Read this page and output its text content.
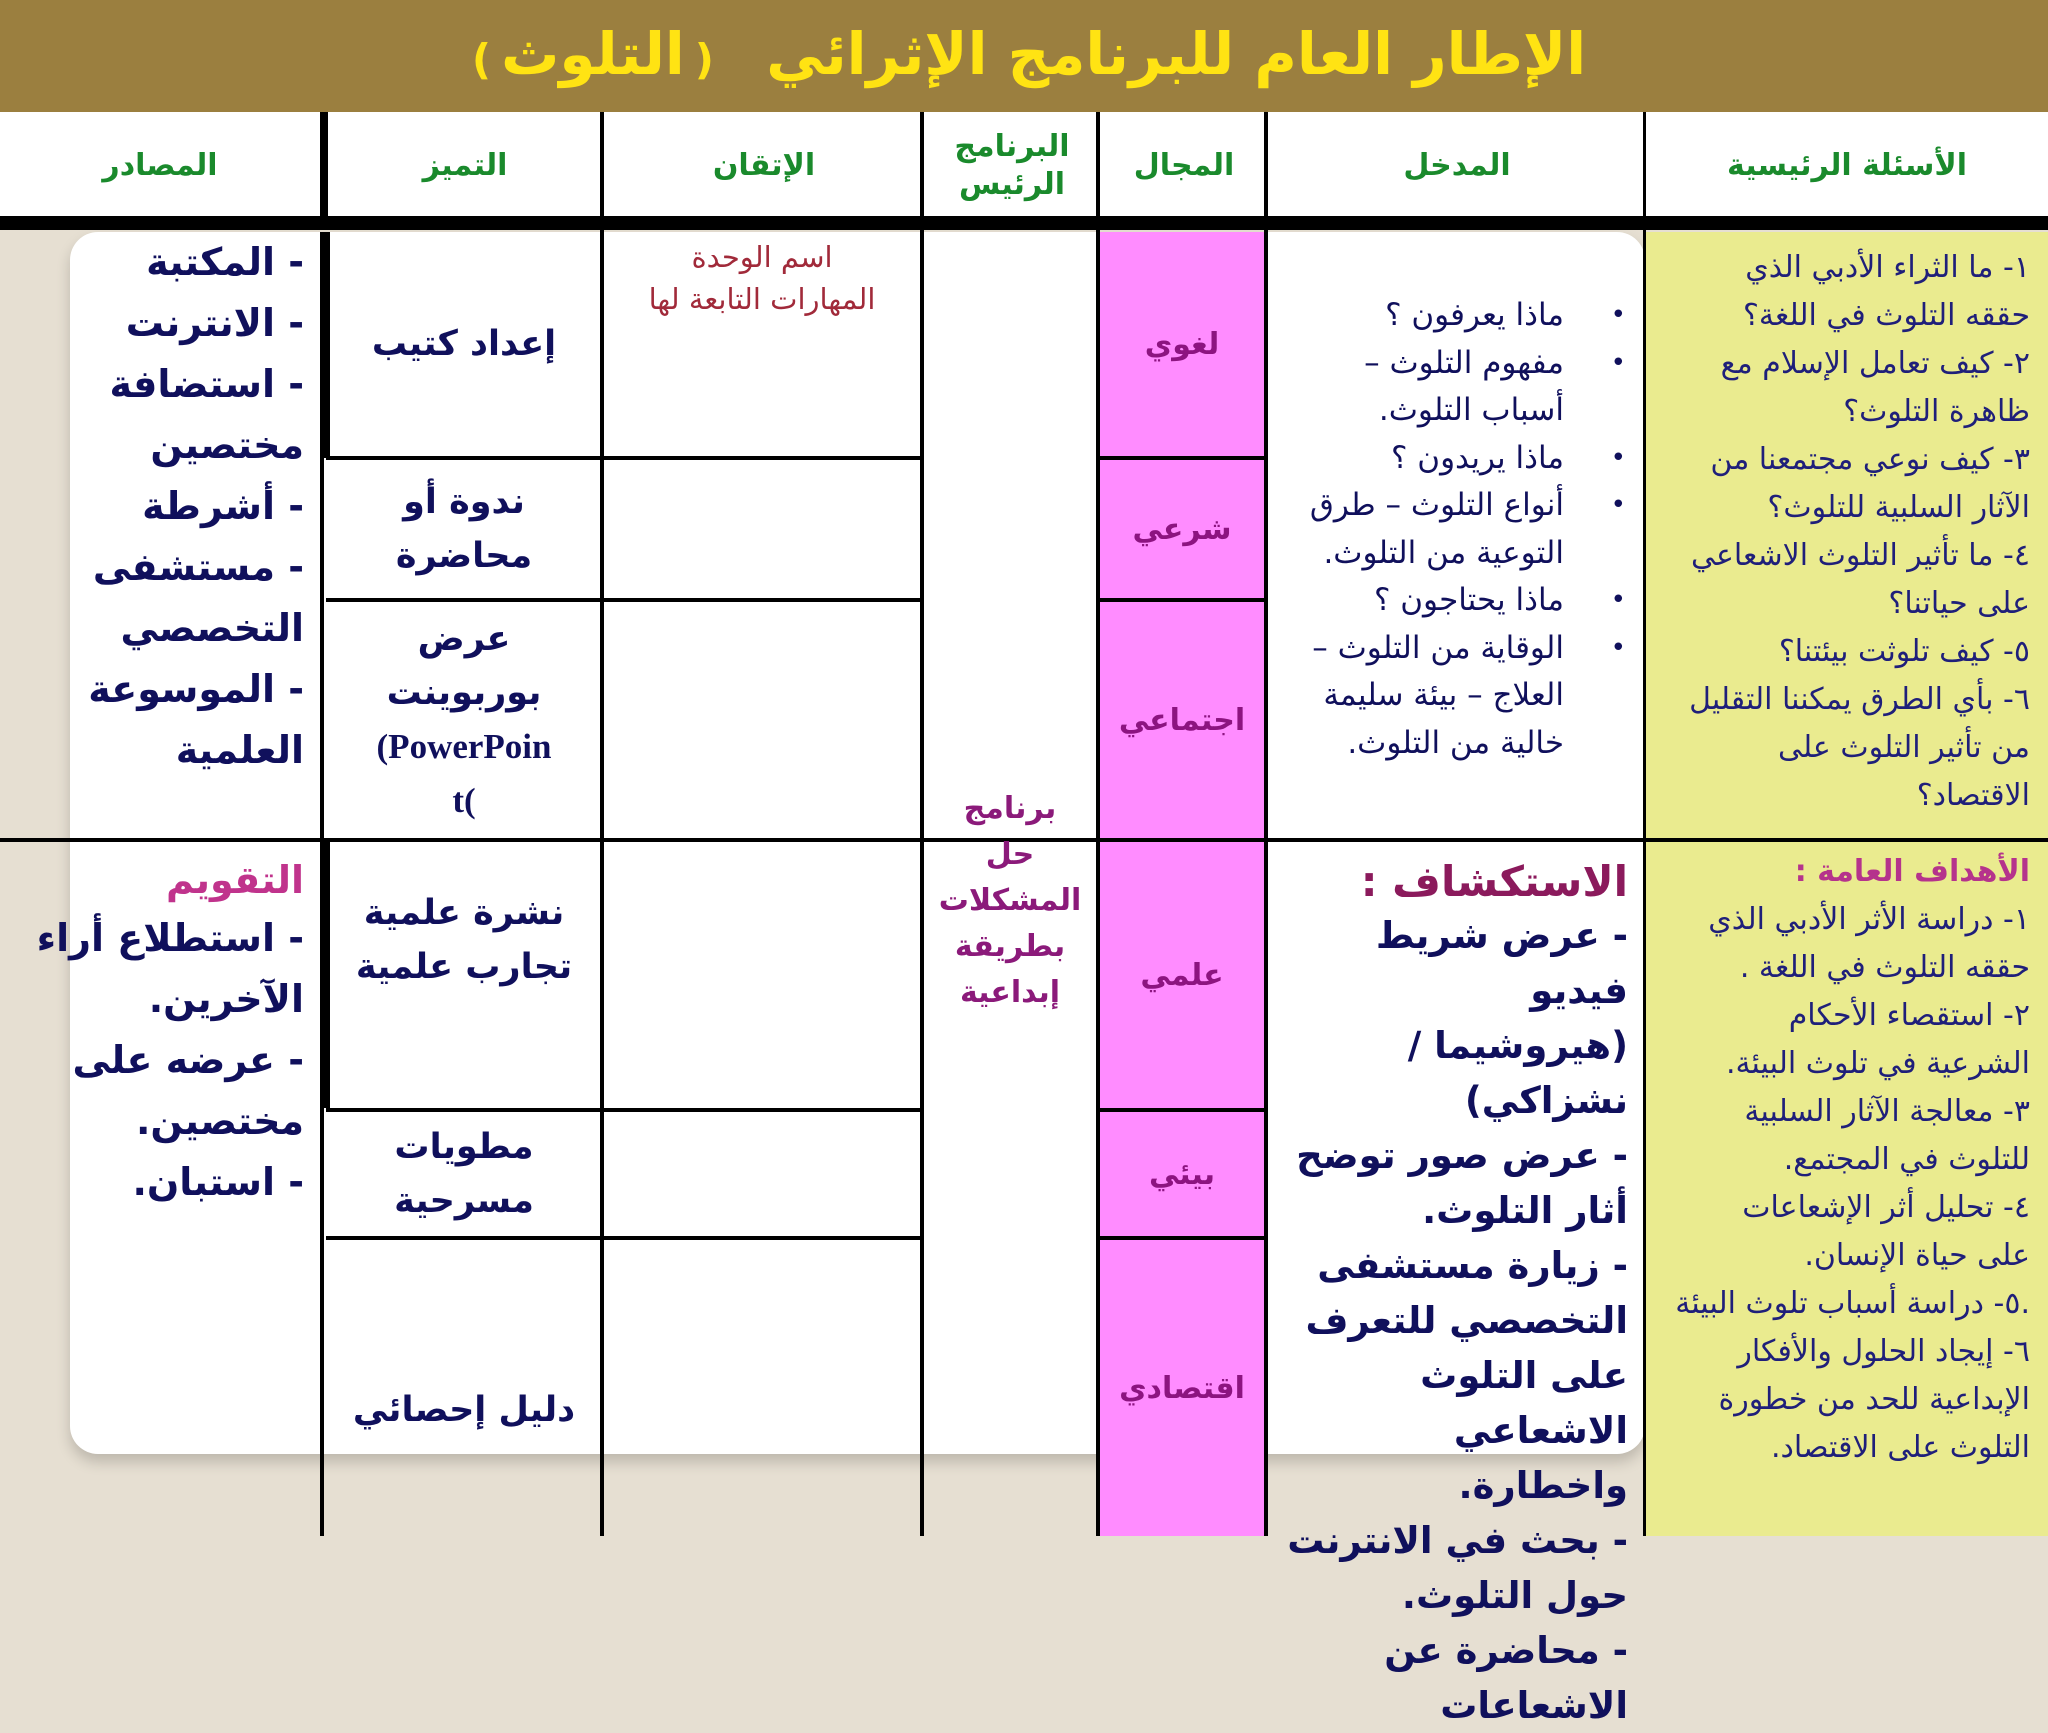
الإطار العام للبرنامج الإثرائي (التلوث)
الأسئلة الرئيسية
المدخل
المجال
البرنامج
الرئيس
الإتقان
التميز
المصادر
لغوي
شرعي
اجتماعي
علمي
بيئي
اقتصادي

١- ما الثراء الأدبي الذي

حققه التلوث في اللغة؟

٢- كيف تعامل الإسلام مع

ظاهرة التلوث؟

٣- كيف نوعي مجتمعنا من

الآثار السلبية للتلوث؟

٤- ما تأثير التلوث الاشعاعي

على حياتنا؟

٥- كيف تلوثت بيئتنا؟

٦- بأي الطرق يمكننا التقليل

من تأثير التلوث على

الاقتصاد؟

الأهداف العامة :

١- دراسة الأثر الأدبي الذي

حققه التلوث في اللغة .

٢- استقصاء الأحكام

الشرعية في تلوث البيئة.

٣- معالجة الآثار السلبية

للتلوث في المجتمع.

٤- تحليل أثر الإشعاعات

على حياة الإنسان.

.٥- دراسة أسباب تلوث البيئة

٦- إيجاد الحلول والأفكار

الإبداعية للحد من خطورة

التلوث على الاقتصاد.

• ماذا يعرفون ؟
• مفهوم التلوث – أسباب التلوث.
• ماذا يريدون ؟
• أنواع التلوث – طرق التوعية من التلوث.
• ماذا يحتاجون ؟
• الوقاية من التلوث – العلاج – بيئة سليمة خالية من التلوث.

الاستكشاف :

- عرض شريط فيديو

(هيروشيما / نشزاكي)

- عرض صور توضح

أثار التلوث.

- زيارة مستشفى

التخصصي للتعرف

على التلوث الاشعاعي

واخطارة.

- بحث في الانترنت

حول التلوث.

- محاضرة عن

الاشعاعات

برنامج
حل
المشكلات
بطريقة
إبداعية
اسم الوحدة
المهارات التابعة لها
إعداد كتيب
ندوة أو
محاضرة
عرض
بوربوينت
(PowerPoin
t(
نشرة علمية
تجارب علمية
مطويات
مسرحية
دليل إحصائي

- المكتبة

- الانترنت

- استضافة

مختصين

- أشرطة

- مستشفى

التخصصي

- الموسوعة

العلمية

التقويم

- استطلاع أراء

الآخرين.

- عرضه على

مختصين.

- استبان.
